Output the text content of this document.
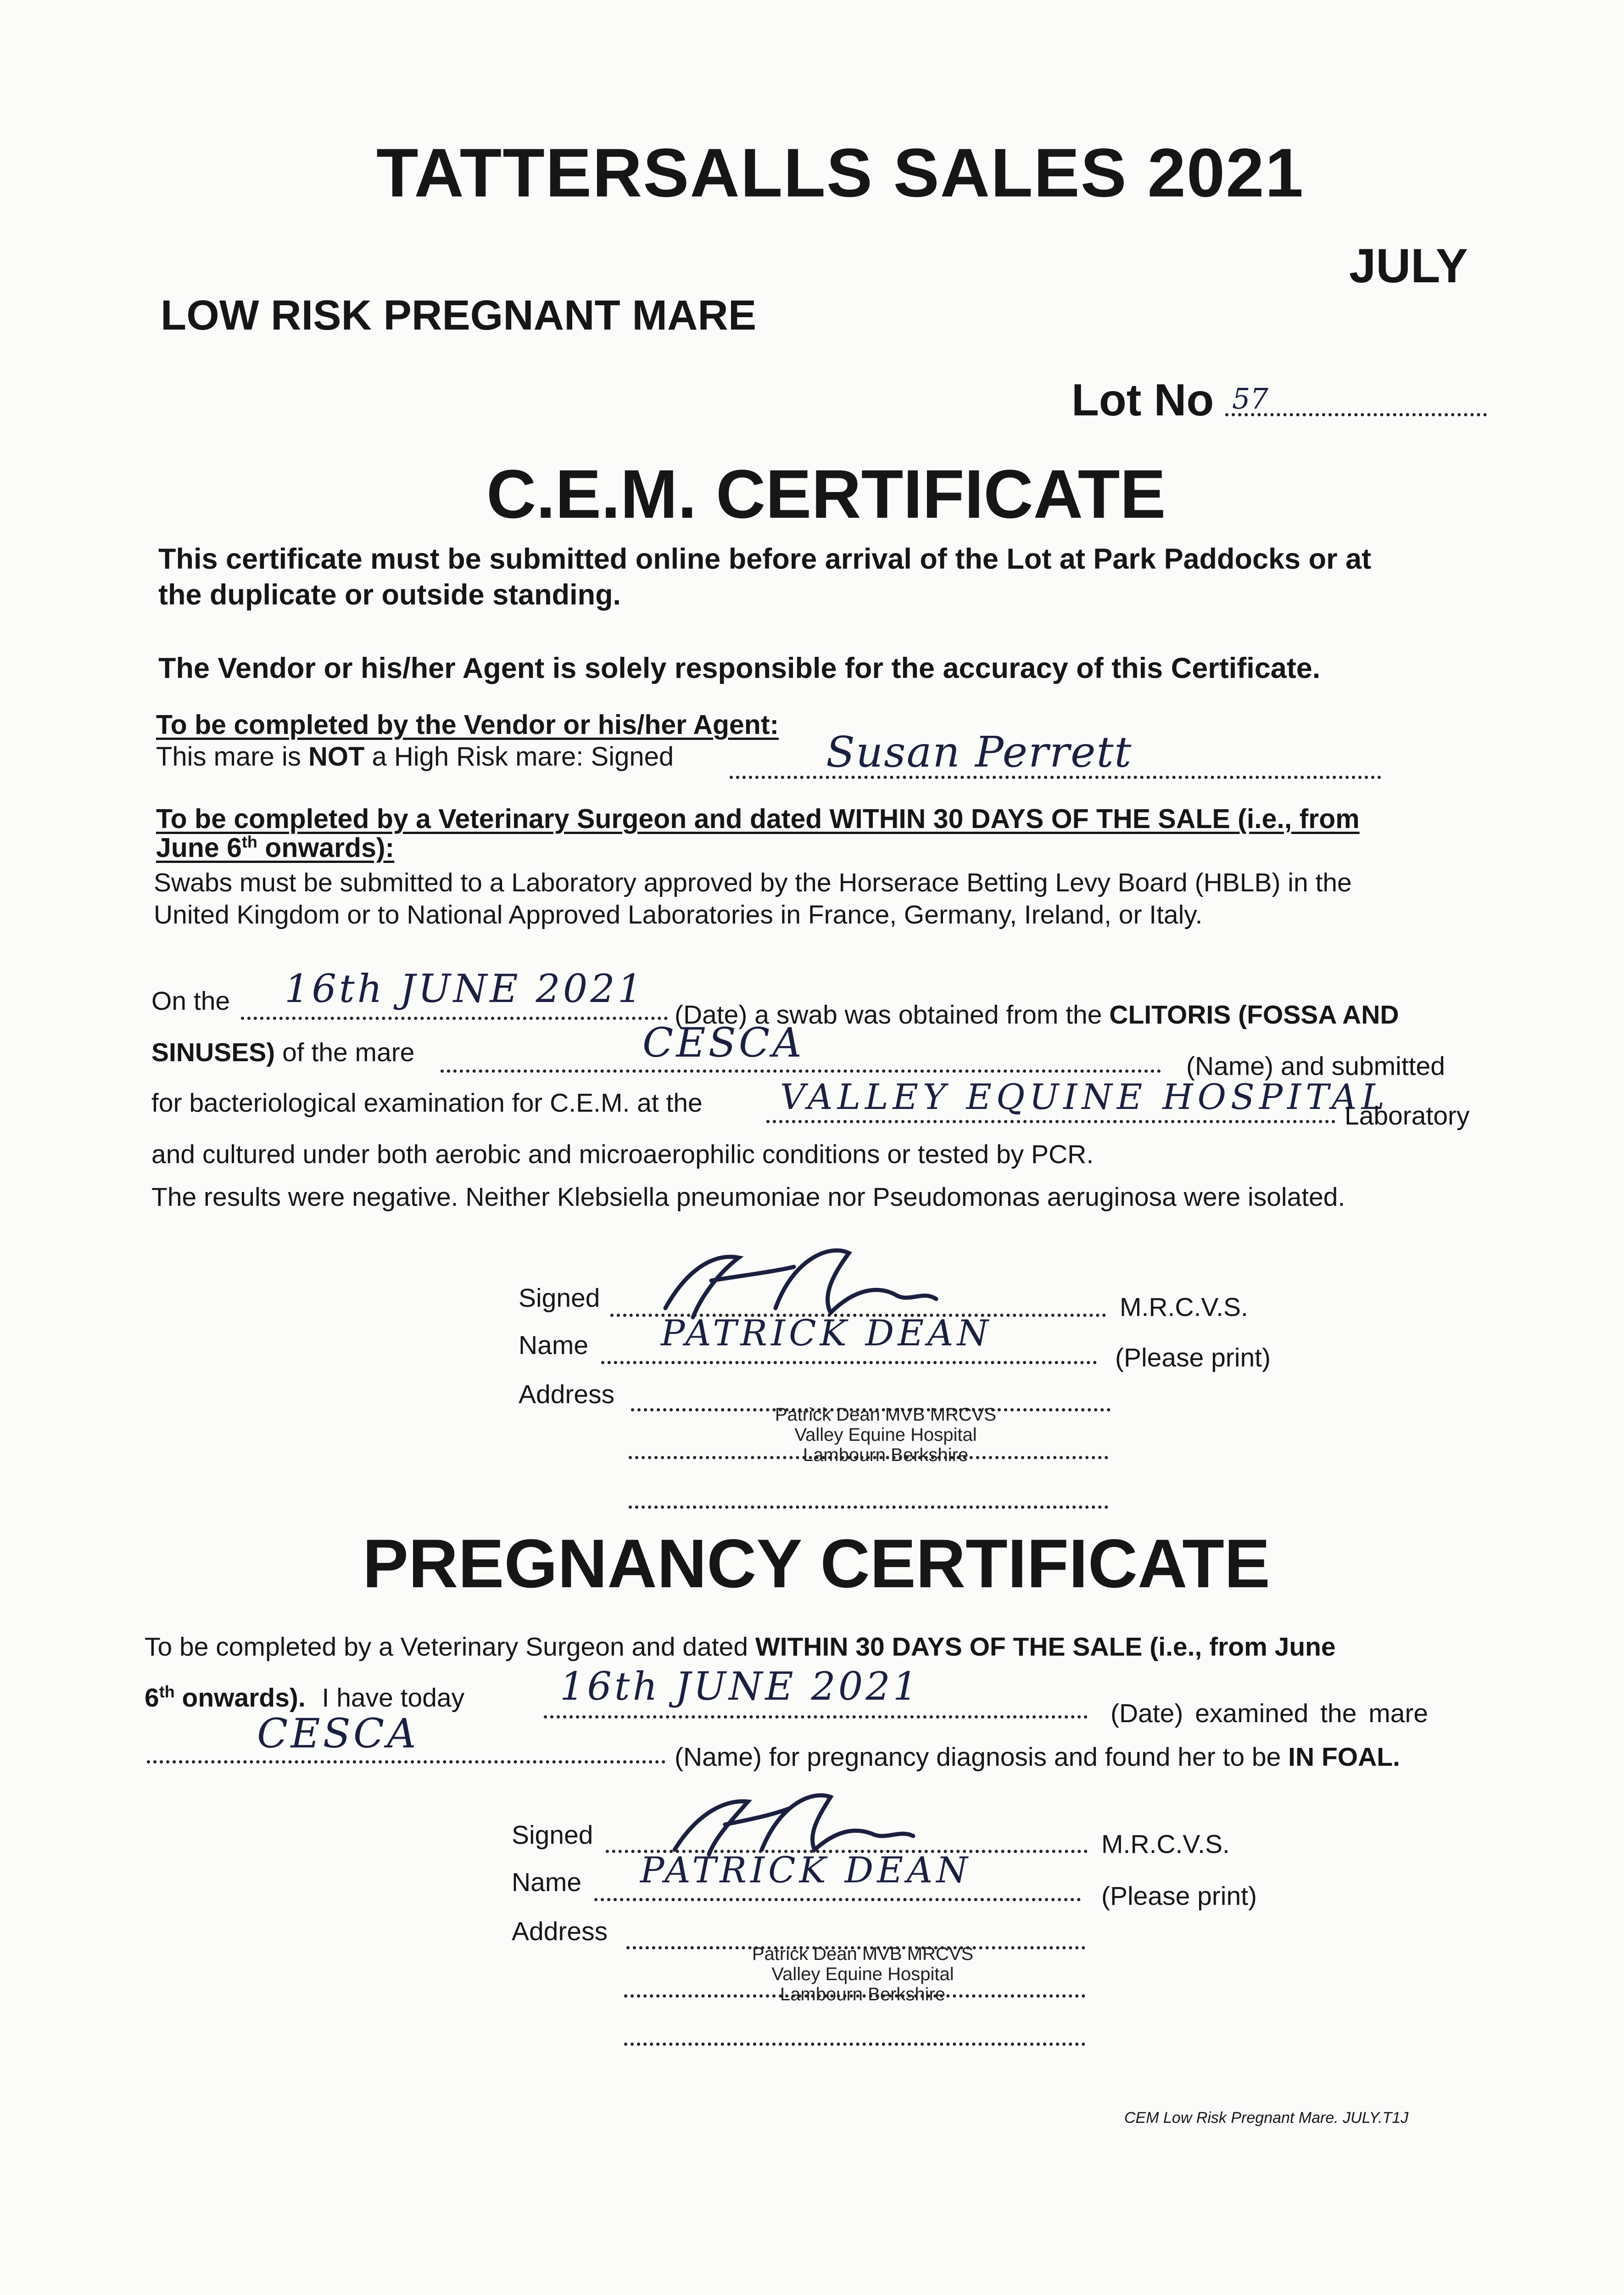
TATTERSALLS SALES 2021
JULY
LOW RISK PREGNANT MARE
Lot No 57
C.E.M. CERTIFICATE
This certificate must be submitted online before arrival of the Lot at Park Paddocks or at
the duplicate or outside standing.
The Vendor or his/her Agent is solely responsible for the accuracy of this Certificate.
To be completed by the Vendor or his/her Agent:
This mare is NOT a High Risk mare: Signed	Susan Perrett
To be completed by a Veterinary Surgeon and dated WITHIN 30 DAYS OF THE SALE (i.e., from
June 6th onwards):
Swabs must be submitted to a Laboratory approved by the Horserace Betting Levy Board (HBLB) in the
United Kingdom or to National Approved Laboratories in France, Germany, Ireland, or Italy.
On the 16th JUNE 2021
(Date) a swab was obtained from the CLITORIS (FOSSA AND
SINUSES) of the mare	CESCA	(Name) and submitted
for bacteriological examination for C.E.M. at the VALLEY EQUINE HOSPITAL
Laboratory
and cultured under both aerobic and microaerophilic conditions or tested by PCR.
The results were negative. Neither Klebsiella pneumoniae nor Pseudomonas aeruginosa were isolated.
Signed	M.R.C.V.S.
Name PATRICK DEAN
(Please print)
Address
Patrick Dean MVB MRCVS
Valley Equine Hospital
Lambourn Berkshire
PREGNANCY CERTIFICATE
To be completed by a Veterinary Surgeon and dated WITHIN 30 DAYS OF THE SALE (i.e., from June
6th onwards). I have today 16th JUNE 2021
(Date) examined the mare
CESCA	(Name) for pregnancy diagnosis and found her to be IN FOAL.
Signed	M.R.C.V.S.
Name PATRICK DEAN
(Please print)
Address
Patrick Dean MVB MRCVS
Valley Equine Hospital
Lambourn Berkshire
CEM Low Risk Pregnant Mare. JULY.T1J
